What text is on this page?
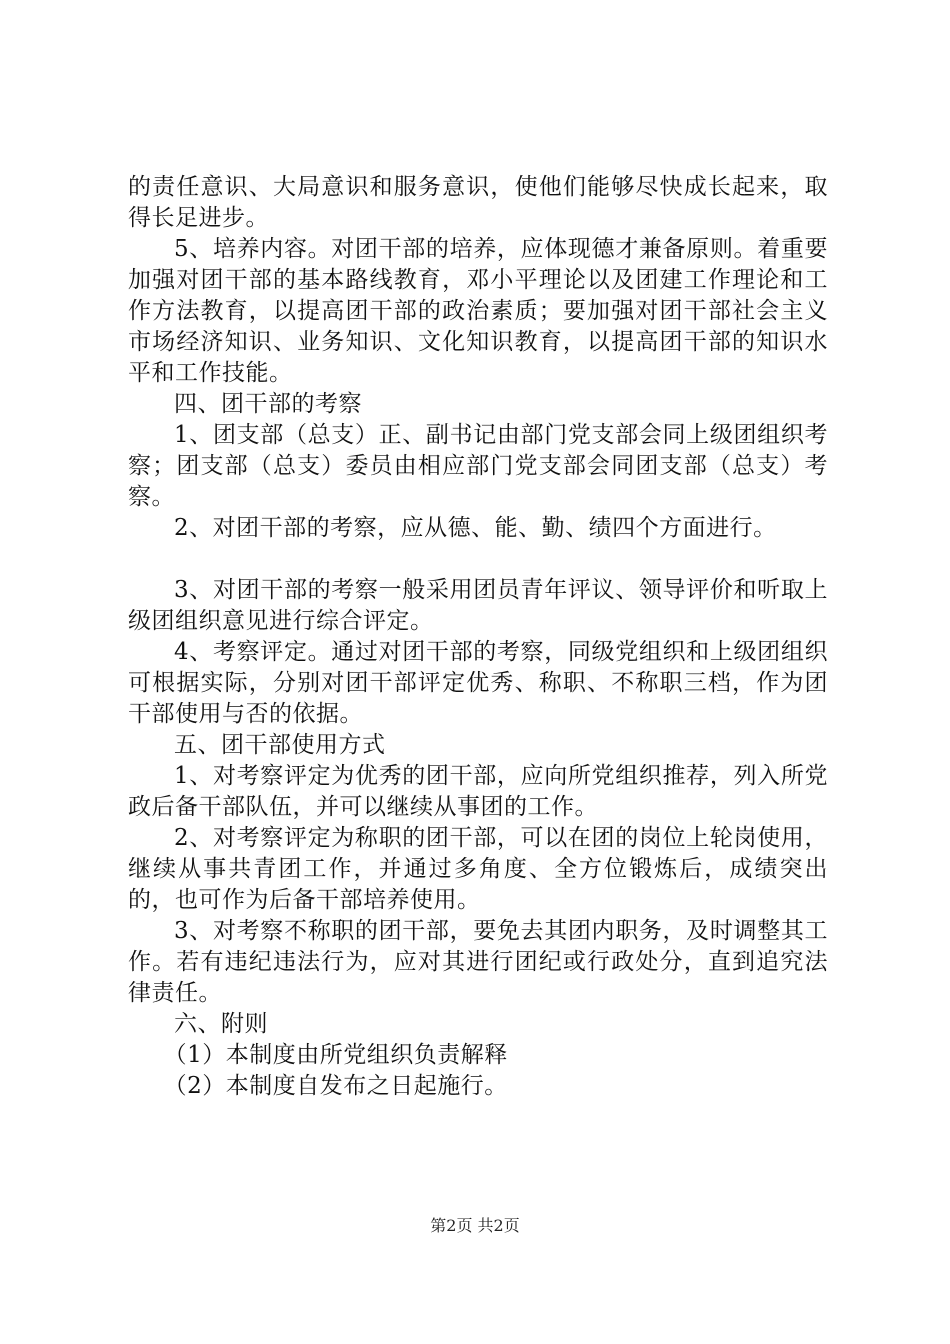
的责任意识、大局意识和服务意识，使他们能够尽快成长起来，取得长足进步。

5、培养内容。对团干部的培养，应体现德才兼备原则。着重要加强对团干部的基本路线教育，邓小平理论以及团建工作理论和工作方法教育，以提高团干部的政治素质；要加强对团干部社会主义市场经济知识、业务知识、文化知识教育，以提高团干部的知识水平和工作技能。

四、团干部的考察

1、团支部（总支）正、副书记由部门党支部会同上级团组织考察；团支部（总支）委员由相应部门党支部会同团支部（总支）考察。

2、对团干部的考察，应从德、能、勤、绩四个方面进行。

3、对团干部的考察一般采用团员青年评议、领导评价和听取上级团组织意见进行综合评定。

4、考察评定。通过对团干部的考察，同级党组织和上级团组织可根据实际，分别对团干部评定优秀、称职、不称职三档，作为团干部使用与否的依据。

五、团干部使用方式

1、对考察评定为优秀的团干部，应向所党组织推荐，列入所党政后备干部队伍，并可以继续从事团的工作。

2、对考察评定为称职的团干部，可以在团的岗位上轮岗使用，继续从事共青团工作，并通过多角度、全方位锻炼后，成绩突出的，也可作为后备干部培养使用。

3、对考察不称职的团干部，要免去其团内职务，及时调整其工作。若有违纪违法行为，应对其进行团纪或行政处分，直到追究法律责任。

六、附则

（1）本制度由所党组织负责解释

（2）本制度自发布之日起施行。

第2页 共2页
